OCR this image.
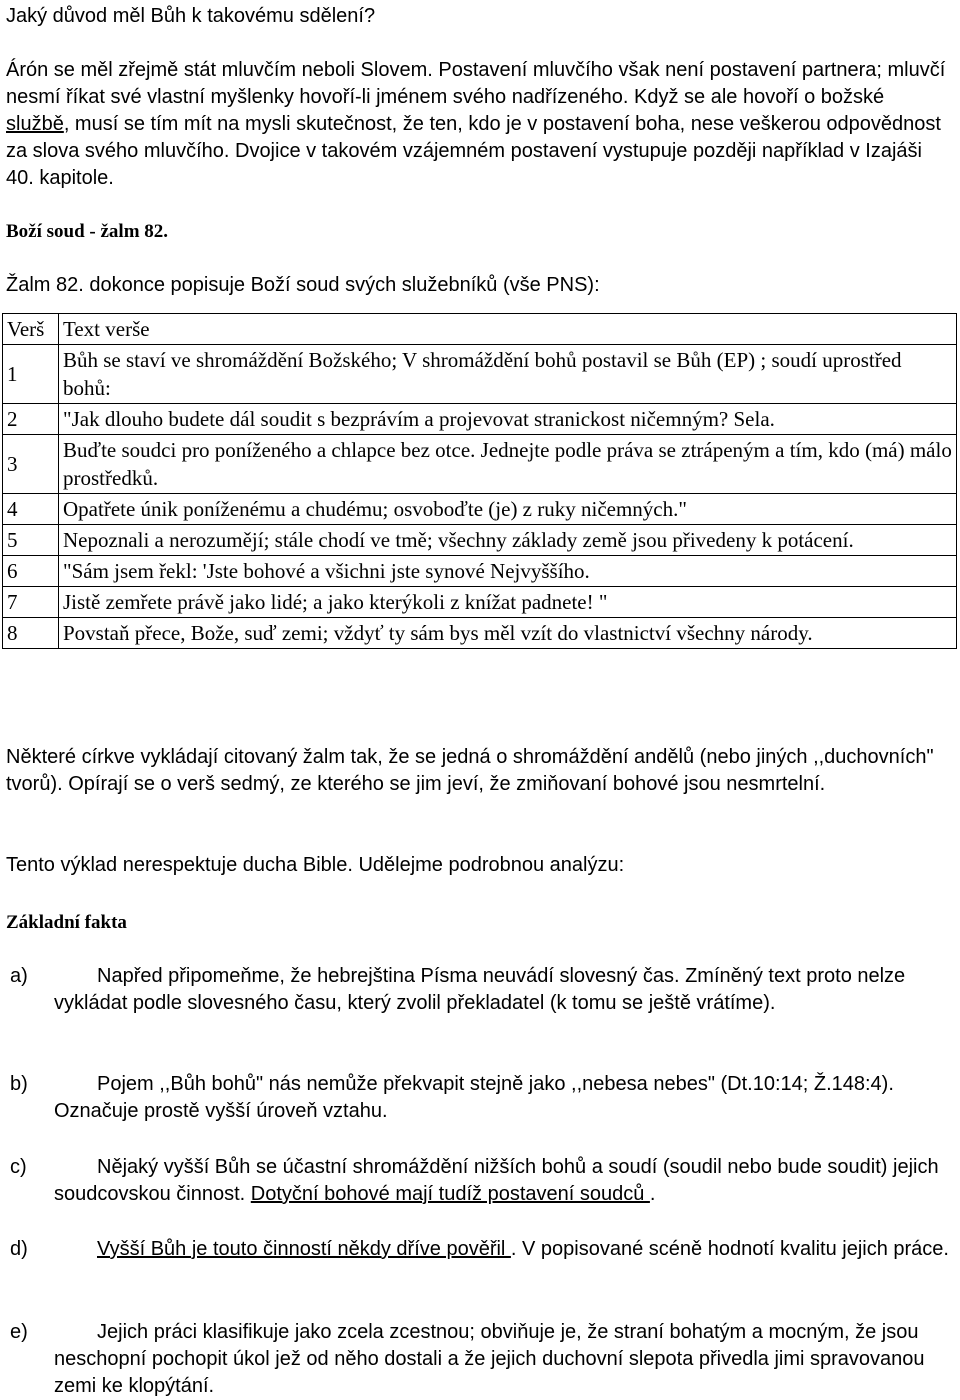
Jaký důvod měl Bůh k takovému sdělení?

Árón se měl zřejmě stát mluvčím neboli Slovem. Postavení mluvčího však není postavení partnera; mluvčí nesmí říkat své vlastní myšlenky hovoří-li jménem svého nadřízeného. Když se ale hovoří o božské službě, musí se tím mít na mysli skutečnost, že ten, kdo je v postavení boha, nese veškerou odpovědnost za slova svého mluvčího. Dvojice v takovém vzájemném postavení vystupuje později například v Izajáši 40. kapitole.

Boží soud - žalm 82.

Žalm 82. dokonce popisuje Boží soud svých služebníků (vše PNS):

Verš	Text verše
1	Bůh se staví ve shromáždění Božského; V shromáždění bohů postavil se Bůh (EP) ; soudí uprostřed bohů:
2	"Jak dlouho budete dál soudit s bezprávím a projevovat stranickost ničemným? Sela.
3	Buďte soudci pro poníženého a chlapce bez otce. Jednejte podle práva se ztrápeným a tím, kdo (má) málo prostředků.
4	Opatřete únik poníženému a chudému; osvoboďte (je) z ruky ničemných."
5	Nepoznali a nerozumějí; stále chodí ve tmě; všechny základy země jsou přivedeny k potácení.
6	"Sám jsem řekl: 'Jste bohové a všichni jste synové Nejvyššího.
7	Jistě zemřete právě jako lidé; a jako kterýkoli z knížat padnete! "
8	Povstaň přece, Bože, suď zemi; vždyť ty sám bys měl vzít do vlastnictví všechny národy.

Některé církve vykládají citovaný žalm tak, že se jedná o shromáždění andělů (nebo jiných ,,duchovních" tvorů). Opírají se o verš sedmý, ze kterého se jim jeví, že zmiňovaní bohové jsou nesmrtelní.

Tento výklad nerespektuje ducha Bible. Udělejme podrobnou analýzu:

Základní fakta

a)	Napřed připomeňme, že hebrejština Písma neuvádí slovesný čas. Zmíněný text proto nelze vykládat podle slovesného času, který zvolil překladatel (k tomu se ještě vrátíme).
b)	Pojem ,,Bůh bohů" nás nemůže překvapit stejně jako ,,nebesa nebes" (Dt.10:14; Ž.148:4). Označuje prostě vyšší úroveň vztahu.
c)	Nějaký vyšší Bůh se účastní shromáždění nižších bohů a soudí (soudil nebo bude soudit) jejich soudcovskou činnost. Dotyční bohové mají tudíž postavení soudců .
d)	Vyšší Bůh je touto činností někdy dříve pověřil . V popisované scéně hodnotí kvalitu jejich práce.
e)	Jejich práci klasifikuje jako zcela zcestnou; obviňuje je, že straní bohatým a mocným, že jsou neschopní pochopit úkol jež od něho dostali a že jejich duchovní slepota přivedla jimi spravovanou zemi ke klopýtání.
